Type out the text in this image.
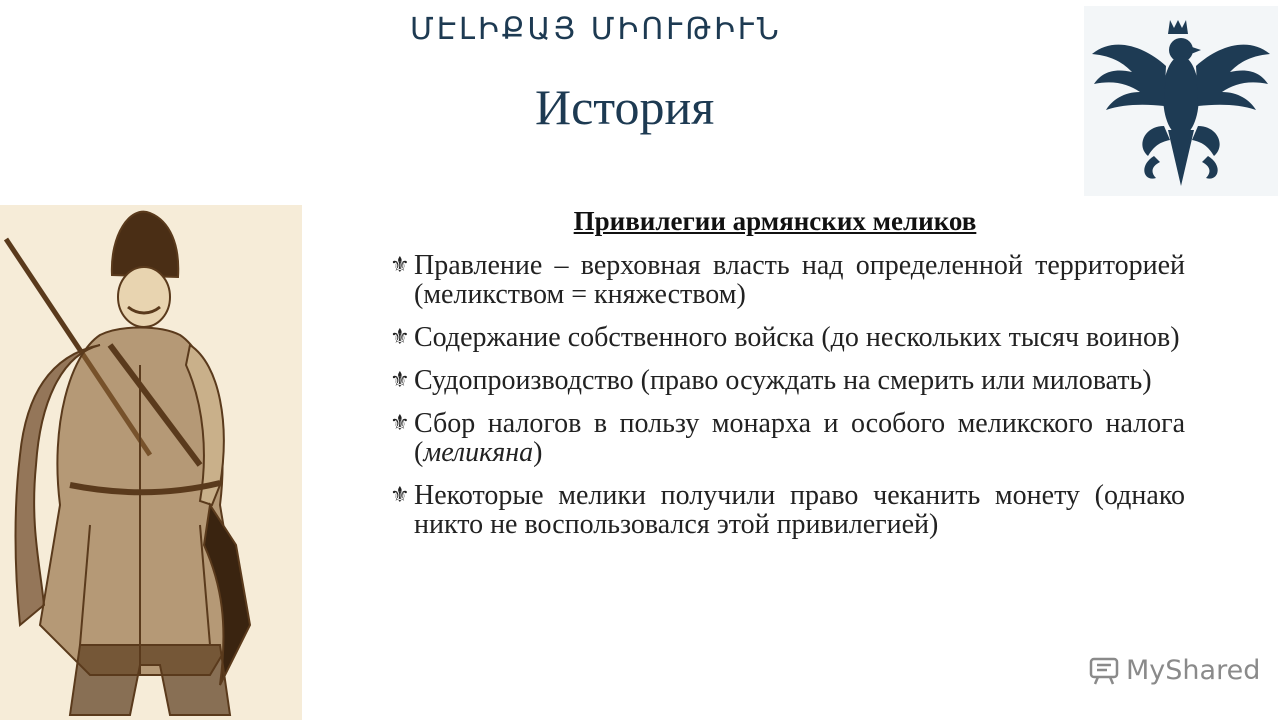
ՄԷԼԻՔԱՅ ՄԻՈՒԹԻՒՆ
История
Привилегии армянских меликов
⚜ Правление – верховная власть над определенной территорией (меликством = княжеством)
⚜ Содержание собственного войска (до нескольких тысяч воинов)
⚜ Судопроизводство (право осуждать на смерить или миловать)
⚜ Сбор налогов в пользу монарха и особого меликского налога (меликяна)
⚜ Некоторые мелики получили право чеканить монету (однако никто не воспользовался этой привилегией)
MyShared
